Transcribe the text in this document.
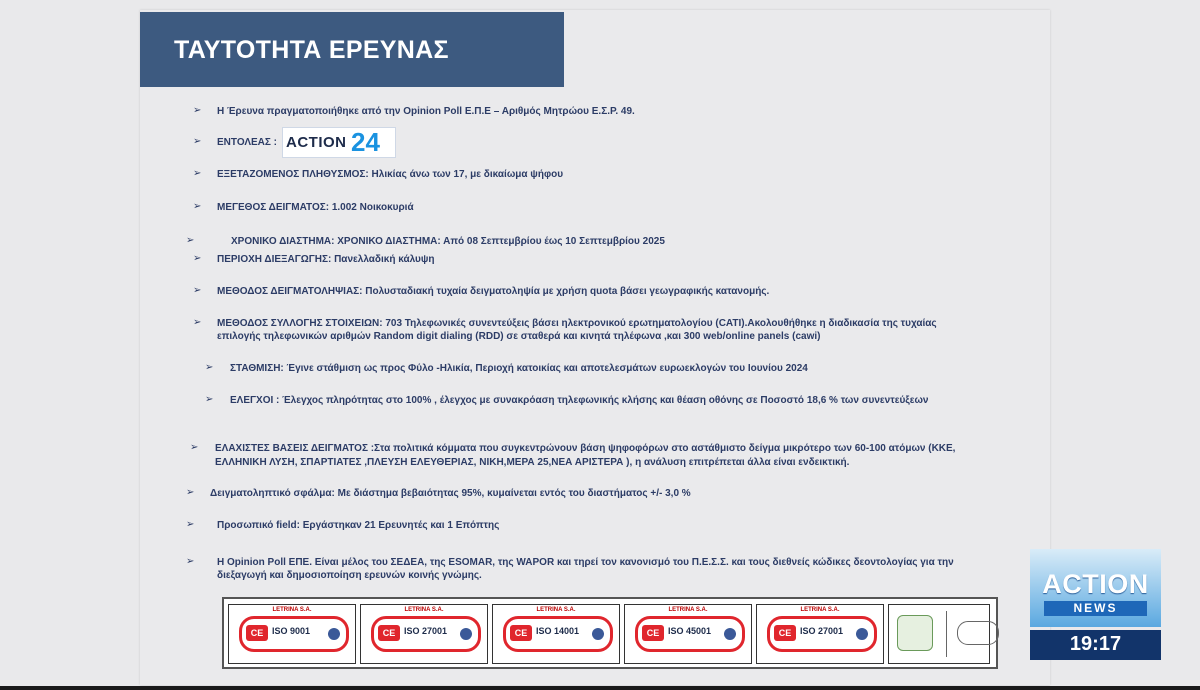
ΤΑΥΤΟΤΗΤΑ ΕΡΕΥΝΑΣ
➢
➢
➢
➢
➢
➢
➢
➢
➢
➢
➢
➢
➢
➢
Η Έρευνα πραγματοποιήθηκε από την Opinion Poll Ε.Π.Ε – Αριθμός Μητρώου Ε.Σ.Ρ. 49.
ΕΝΤΟΛΕΑΣ : ACTION 24
ΕΞΕΤΑΖΟΜΕΝΟΣ ΠΛΗΘΥΣΜΟΣ: Ηλικίας άνω των 17, με δικαίωμα ψήφου
ΜΕΓΕΘΟΣ ΔΕΙΓΜΑΤΟΣ: 1.002 Νοικοκυριά
ΧΡΟΝΙΚΟ ΔΙΑΣΤΗΜΑ: ΧΡΟΝΙΚΟ ΔΙΑΣΤΗΜΑ: Από 08 Σεπτεμβρίου έως 10 Σεπτεμβρίου 2025
ΠΕΡΙΟΧΗ ΔΙΕΞΑΓΩΓΗΣ: Πανελλαδική κάλυψη
ΜΕΘΟΔΟΣ ΔΕΙΓΜΑΤΟΛΗΨΙΑΣ: Πολυσταδιακή τυχαία δειγματοληψία με χρήση quota βάσει γεωγραφικής κατανομής.
ΜΕΘΟΔΟΣ ΣΥΛΛΟΓΗΣ ΣΤΟΙΧΕΙΩΝ: 703 Τηλεφωνικές συνεντεύξεις βάσει ηλεκτρονικού ερωτηματολογίου (CATI).Ακολουθήθηκε η διαδικασία της τυχαίας
επιλογής τηλεφωνικών αριθμών Random digit dialing (RDD) σε σταθερά και κινητά τηλέφωνα ,και 300 web/online panels (cawi)
ΣΤΑΘΜΙΣΗ: Έγινε στάθμιση ως προς Φύλο -Ηλικία, Περιοχή κατοικίας και αποτελεσμάτων ευρωεκλογών του Ιουνίου 2024
ΕΛΕΓΧΟΙ : Έλεγχος πληρότητας στο 100% , έλεγχος με συνακρόαση τηλεφωνικής κλήσης και θέαση οθόνης σε Ποσοστό 18,6 % των συνεντεύξεων
ΕΛΑΧΙΣΤΕΣ ΒΑΣΕΙΣ ΔΕΙΓΜΑΤΟΣ :Στα πολιτικά κόμματα που συγκεντρώνουν βάση ψηφοφόρων στο αστάθμιστο δείγμα μικρότερο των 60-100 ατόμων (ΚΚΕ,
ΕΛΛΗΝΙΚΗ ΛΥΣΗ, ΣΠΑΡΤΙΑΤΕΣ ,ΠΛΕΥΣΗ ΕΛΕΥΘΕΡΙΑΣ, ΝΙΚΗ,ΜΕΡΑ 25,ΝΕΑ ΑΡΙΣΤΕΡΑ ), η ανάλυση επιτρέπεται άλλα είναι ενδεικτική.
Δειγματοληπτικό σφάλμα: Με διάστημα βεβαιότητας 95%, κυμαίνεται εντός του διαστήματος +/- 3,0 %
Προσωπικό field: Εργάστηκαν 21 Ερευνητές και 1 Επόπτης
Η Opinion Poll ΕΠΕ. Είναι μέλος του ΣΕΔΕΑ, της ESOMAR, της WAPOR και τηρεί τον κανονισμό του Π.Ε.Σ.Σ. και τους διεθνείς κώδικες δεοντολογίας για την
διεξαγωγή και δημοσιοποίηση ερευνών κοινής γνώμης.
LETRINA S.A.
CE ISO 9001
LETRINA S.A.
CE ISO 27001
LETRINA S.A.
CE ISO 14001
LETRINA S.A.
CE ISO 45001
LETRINA S.A.
CE ISO 27001
ACTION
NEWS
19:17
